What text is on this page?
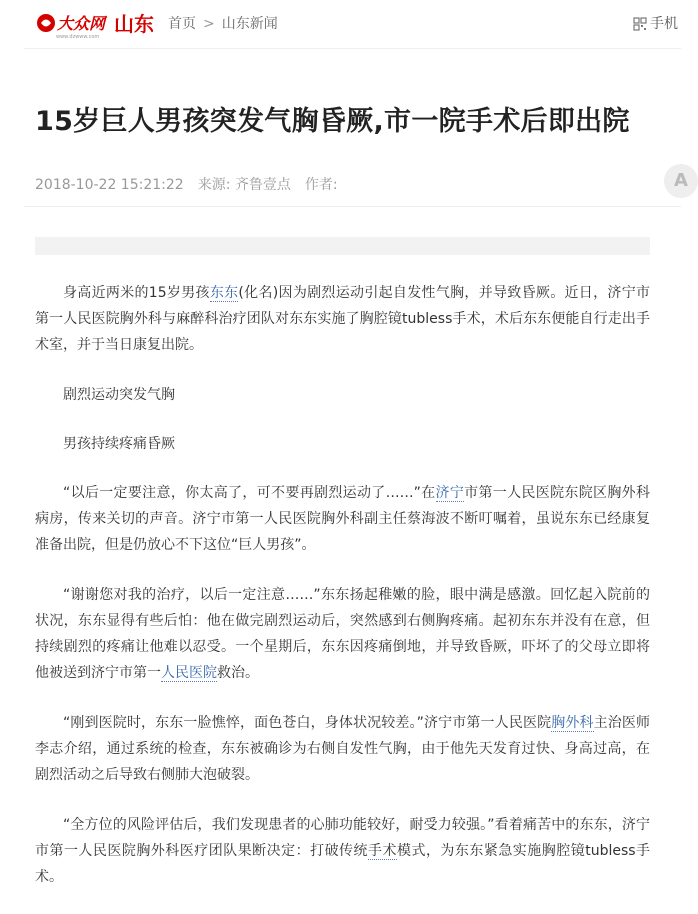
大众网
www.dzwww.com
山东 首页 > 山东新闻	手机
15岁巨人男孩突发气胸昏厥,市一院手术后即出院
2018-10-22 15:21:22 来源: 齐鲁壹点 作者:	A

身高近两米的15岁男孩东东(化名)因为剧烈运动引起自发性气胸，并导致昏厥。近日，济宁市第一人民医院胸外科与麻醉科治疗团队对东东实施了胸腔镜tubless手术，术后东东便能自行走出手术室，并于当日康复出院。

剧烈运动突发气胸

男孩持续疼痛昏厥

“以后一定要注意，你太高了，可不要再剧烈运动了……”在济宁市第一人民医院东院区胸外科病房，传来关切的声音。济宁市第一人民医院胸外科副主任蔡海波不断叮嘱着，虽说东东已经康复准备出院，但是仍放心不下这位“巨人男孩”。

“谢谢您对我的治疗，以后一定注意……”东东扬起稚嫩的脸，眼中满是感激。回忆起入院前的状况，东东显得有些后怕：他在做完剧烈运动后，突然感到右侧胸疼痛。起初东东并没有在意，但持续剧烈的疼痛让他难以忍受。一个星期后，东东因疼痛倒地，并导致昏厥，吓坏了的父母立即将他被送到济宁市第一人民医院救治。

“刚到医院时，东东一脸憔悴，面色苍白，身体状况较差。”济宁市第一人民医院胸外科主治医师李志介绍，通过系统的检查，东东被确诊为右侧自发性气胸，由于他先天发育过快、身高过高，在剧烈活动之后导致右侧肺大泡破裂。

“全方位的风险评估后，我们发现患者的心肺功能较好，耐受力较强。”看着痛苦中的东东，济宁市第一人民医院胸外科医疗团队果断决定：打破传统手术模式，为东东紧急实施胸腔镜tubless手术。
